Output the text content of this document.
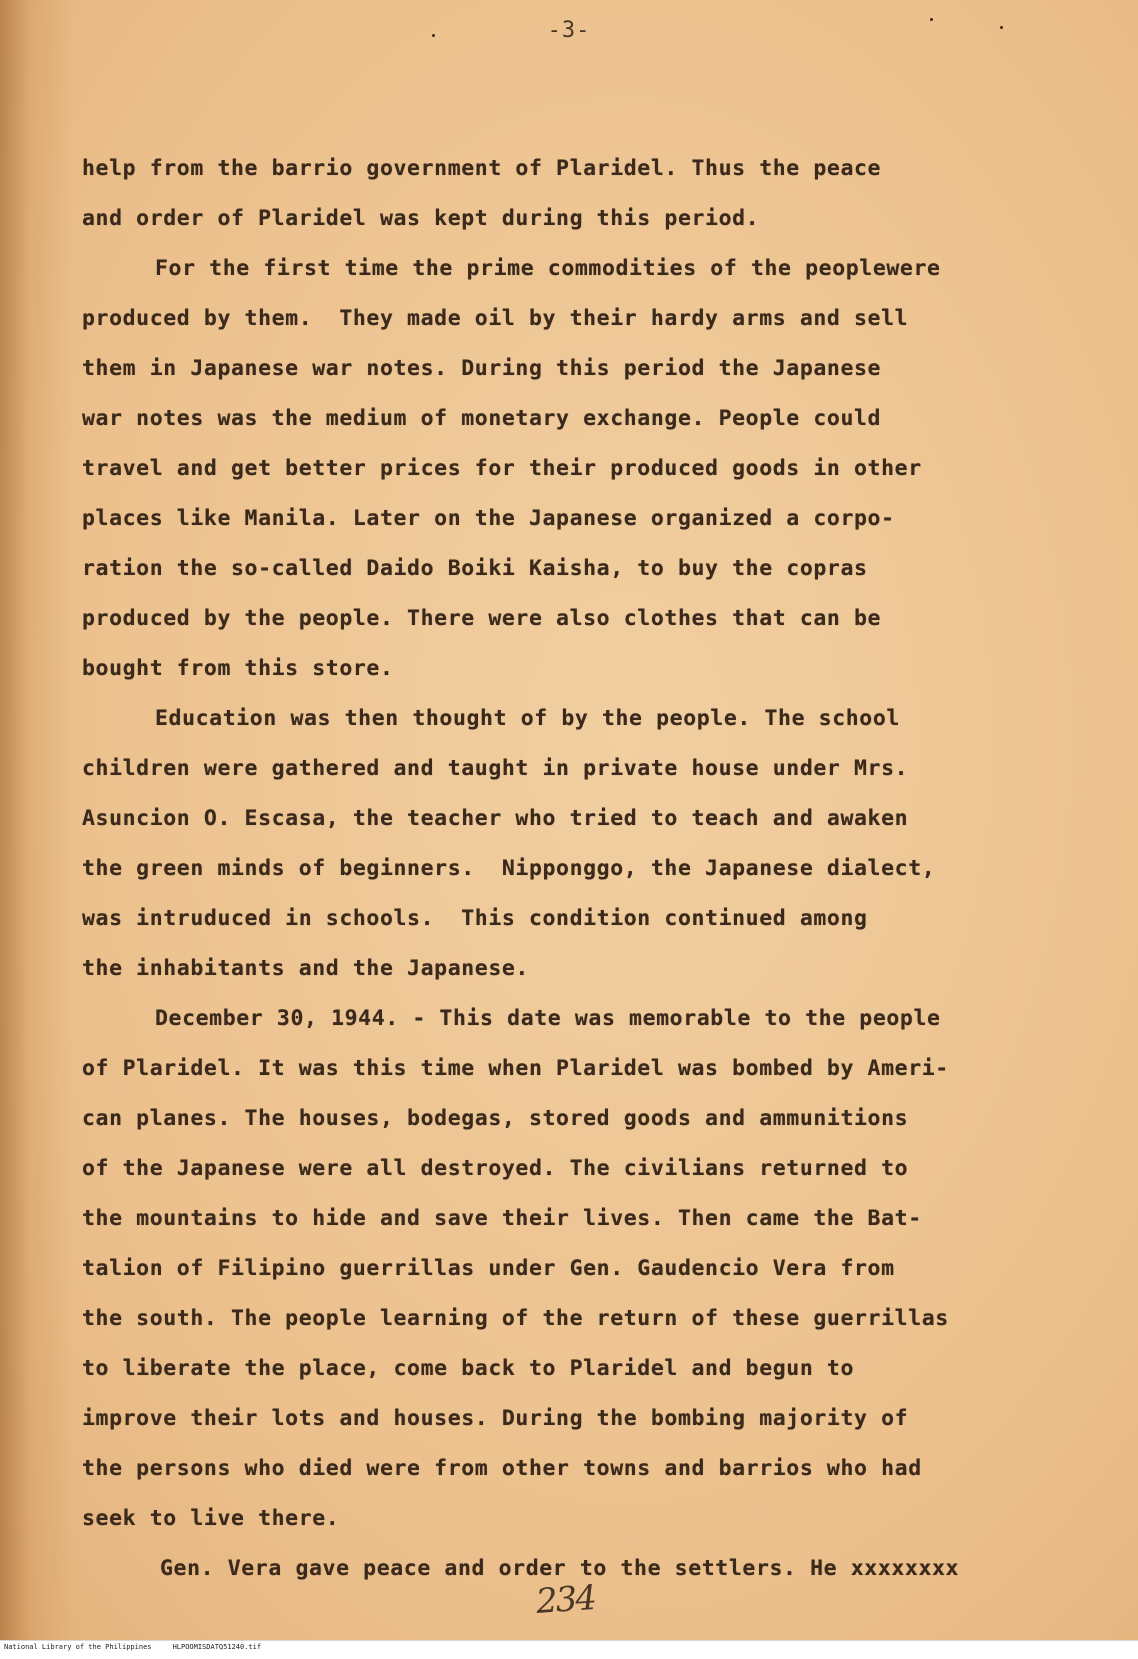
-3-
help from the barrio government of Plaridel. Thus the peace
and order of Plaridel was kept during this period.
For the first time the prime commodities of the peoplewere
produced by them.  They made oil by their hardy arms and sell
them in Japanese war notes. During this period the Japanese
war notes was the medium of monetary exchange. People could
travel and get better prices for their produced goods in other
places like Manila. Later on the Japanese organized a corpo-
ration the so-called Daido Boiki Kaisha, to buy the copras
produced by the people. There were also clothes that can be
bought from this store.
Education was then thought of by the people. The school
children were gathered and taught in private house under Mrs.
Asuncion O. Escasa, the teacher who tried to teach and awaken
the green minds of beginners.  Nipponggo, the Japanese dialect,
was intruduced in schools.  This condition continued among
the inhabitants and the Japanese.
December 30, 1944. - This date was memorable to the people
of Plaridel. It was this time when Plaridel was bombed by Ameri-
can planes. The houses, bodegas, stored goods and ammunitions
of the Japanese were all destroyed. The civilians returned to
the mountains to hide and save their lives. Then came the Bat-
talion of Filipino guerrillas under Gen. Gaudencio Vera from
the south. The people learning of the return of these guerrillas
to liberate the place, come back to Plaridel and begun to
improve their lots and houses. During the bombing majority of
the persons who died were from other towns and barrios who had
seek to live there.
Gen. Vera gave peace and order to the settlers. He xxxxxxxx
234
National Library of the Philippines     HLPOOMISDATQ51240.tif
